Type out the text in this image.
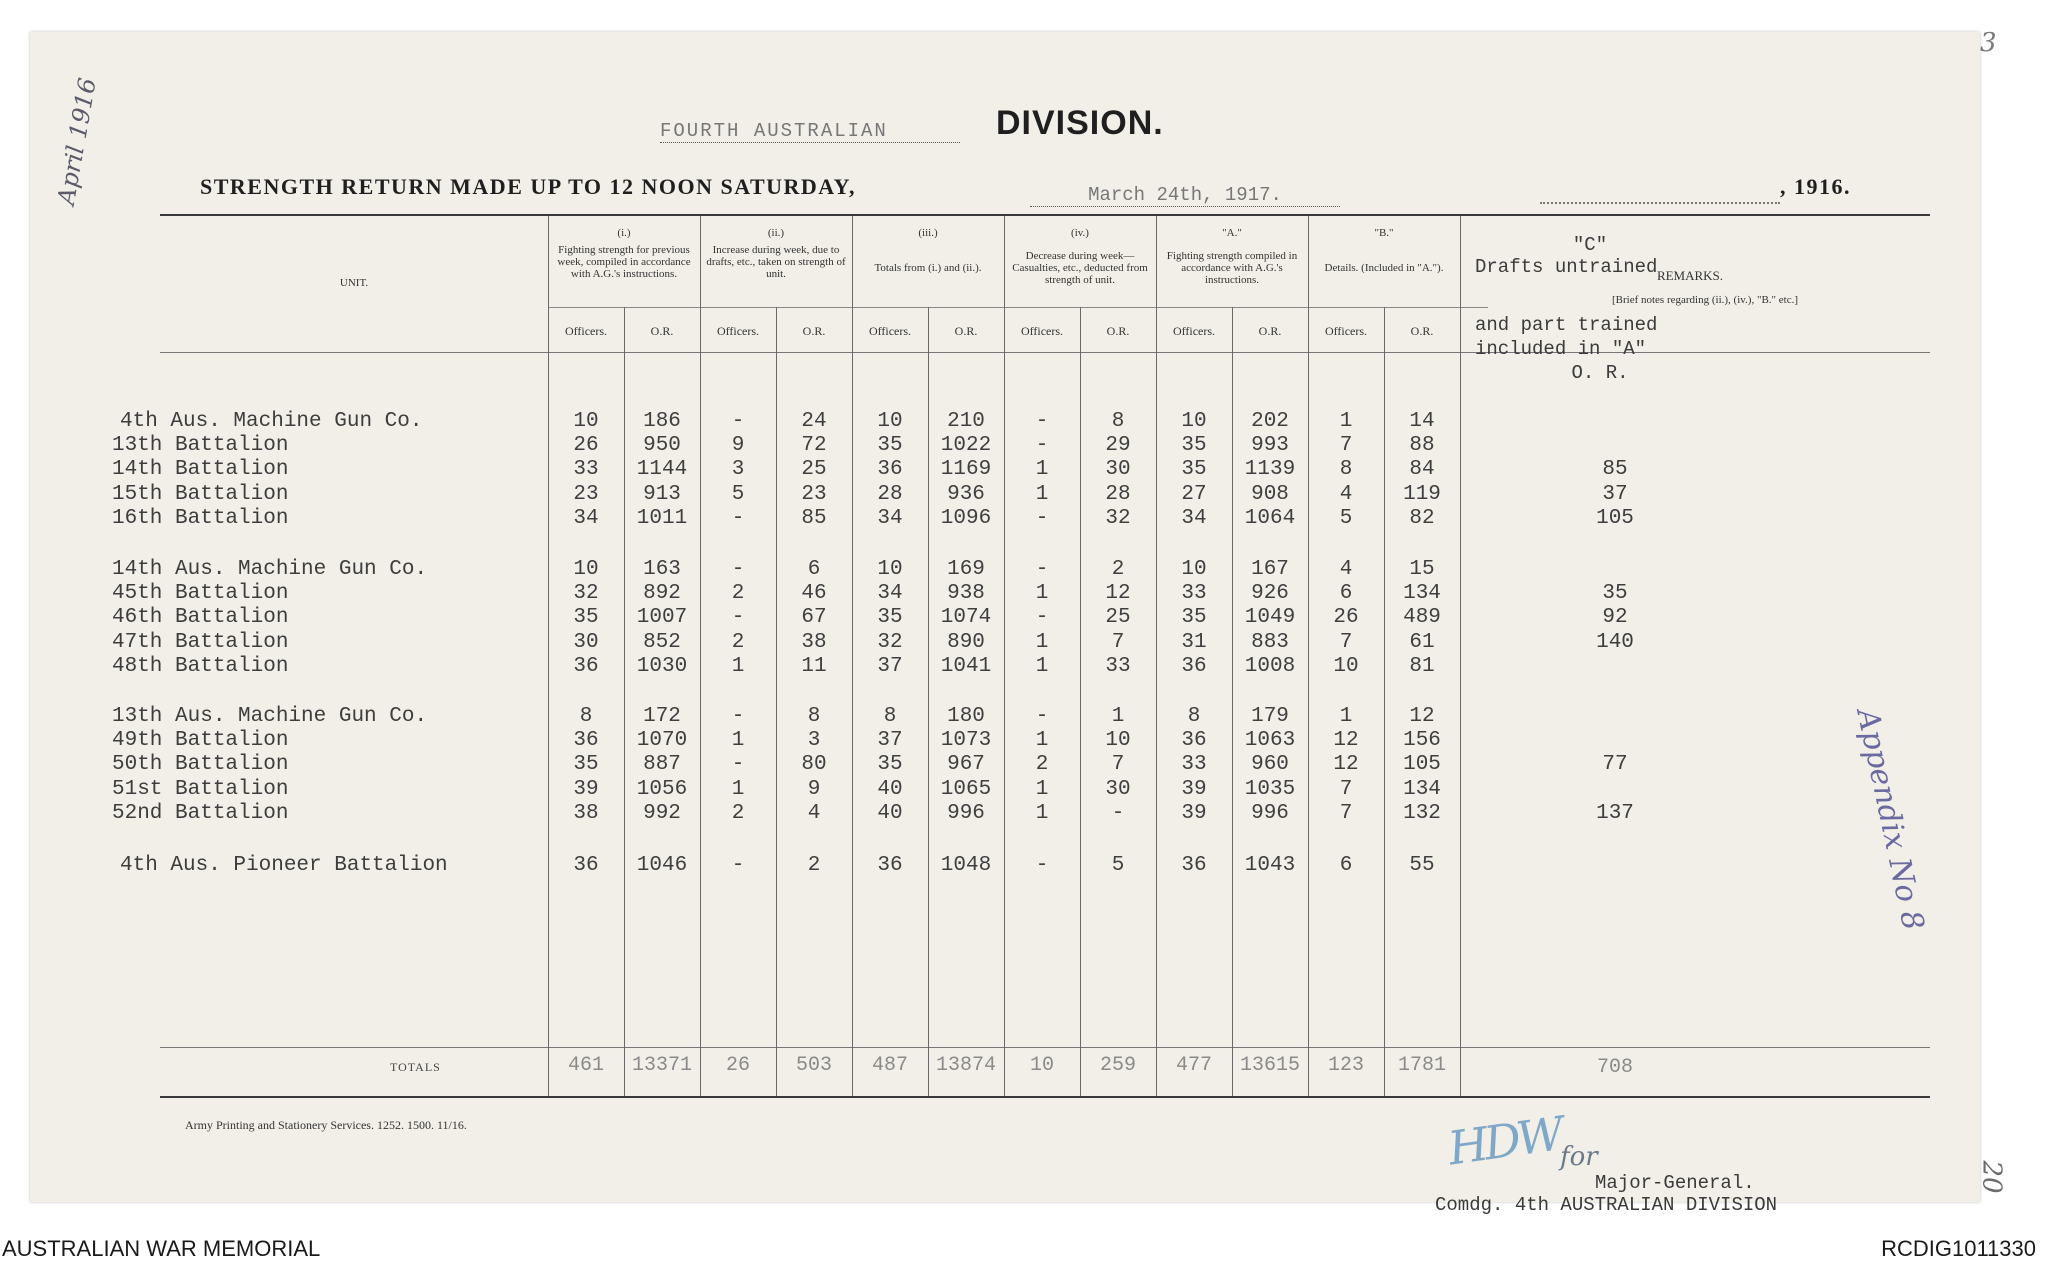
April 1916
3
Appendix No 8
20
FOURTH AUSTRALIAN	DIVISION.
STRENGTH RETURN MADE UP TO 12 NOON SATURDAY,	March 24th, 1917.	, 1916.
UNIT.
(i.)
Fighting strength for previous week, compiled in accordance with A.G.'s instructions.
(ii.)
Increase during week, due to drafts, etc., taken on strength of unit.
(iii.)
Totals from (i.) and (ii.).
(iv.)
Decrease during week—Casualties, etc., deducted from strength of unit.
"A."
Fighting strength compiled in accordance with A.G.'s instructions.
"B."
Details. (Included in "A.").	REMARKS.
[Brief notes regarding (ii.), (iv.), "B." etc.]
"C"
Drafts untrained
and part trained
included in "A"
O. R.
Officers.	O.R.	Officers.	O.R.	Officers.	O.R.	Officers.	O.R.	Officers.	O.R.	Officers.	O.R.
4th Aus. Machine Gun Co.	10	186	-	24	10	210	-	8	10	202	1	14
13th Battalion	26	950	9	72	35	1022	-	29	35	993	7	88
14th Battalion	33	1144	3	25	36	1169	1	30	35	1139	8	84	85
15th Battalion	23	913	5	23	28	936	1	28	27	908	4	119	37
16th Battalion	34	1011	-	85	34	1096	-	32	34	1064	5	82	105
14th Aus. Machine Gun Co.	10	163	-	6	10	169	-	2	10	167	4	15
45th Battalion	32	892	2	46	34	938	1	12	33	926	6	134	35
46th Battalion	35	1007	-	67	35	1074	-	25	35	1049	26	489	92
47th Battalion	30	852	2	38	32	890	1	7	31	883	7	61	140
48th Battalion	36	1030	1	11	37	1041	1	33	36	1008	10	81
13th Aus. Machine Gun Co.	8	172	-	8	8	180	-	1	8	179	1	12
49th Battalion	36	1070	1	3	37	1073	1	10	36	1063	12	156
50th Battalion	35	887	-	80	35	967	2	7	33	960	12	105	77
51st Battalion	39	1056	1	9	40	1065	1	30	39	1035	7	134
52nd Battalion	38	992	2	4	40	996	1	-	39	996	7	132	137
4th Aus. Pioneer Battalion	36	1046	-	2	36	1048	-	5	36	1043	6	55
TOTALS	461	13371	26	503	487	13874	10	259	477	13615	123	1781	708
Army Printing and Stationery Services. 1252. 1500. 11/16.	HDW
for
Major-General.
Comdg. 4th AUSTRALIAN DIVISION
AUSTRALIAN WAR MEMORIAL	RCDIG1011330
